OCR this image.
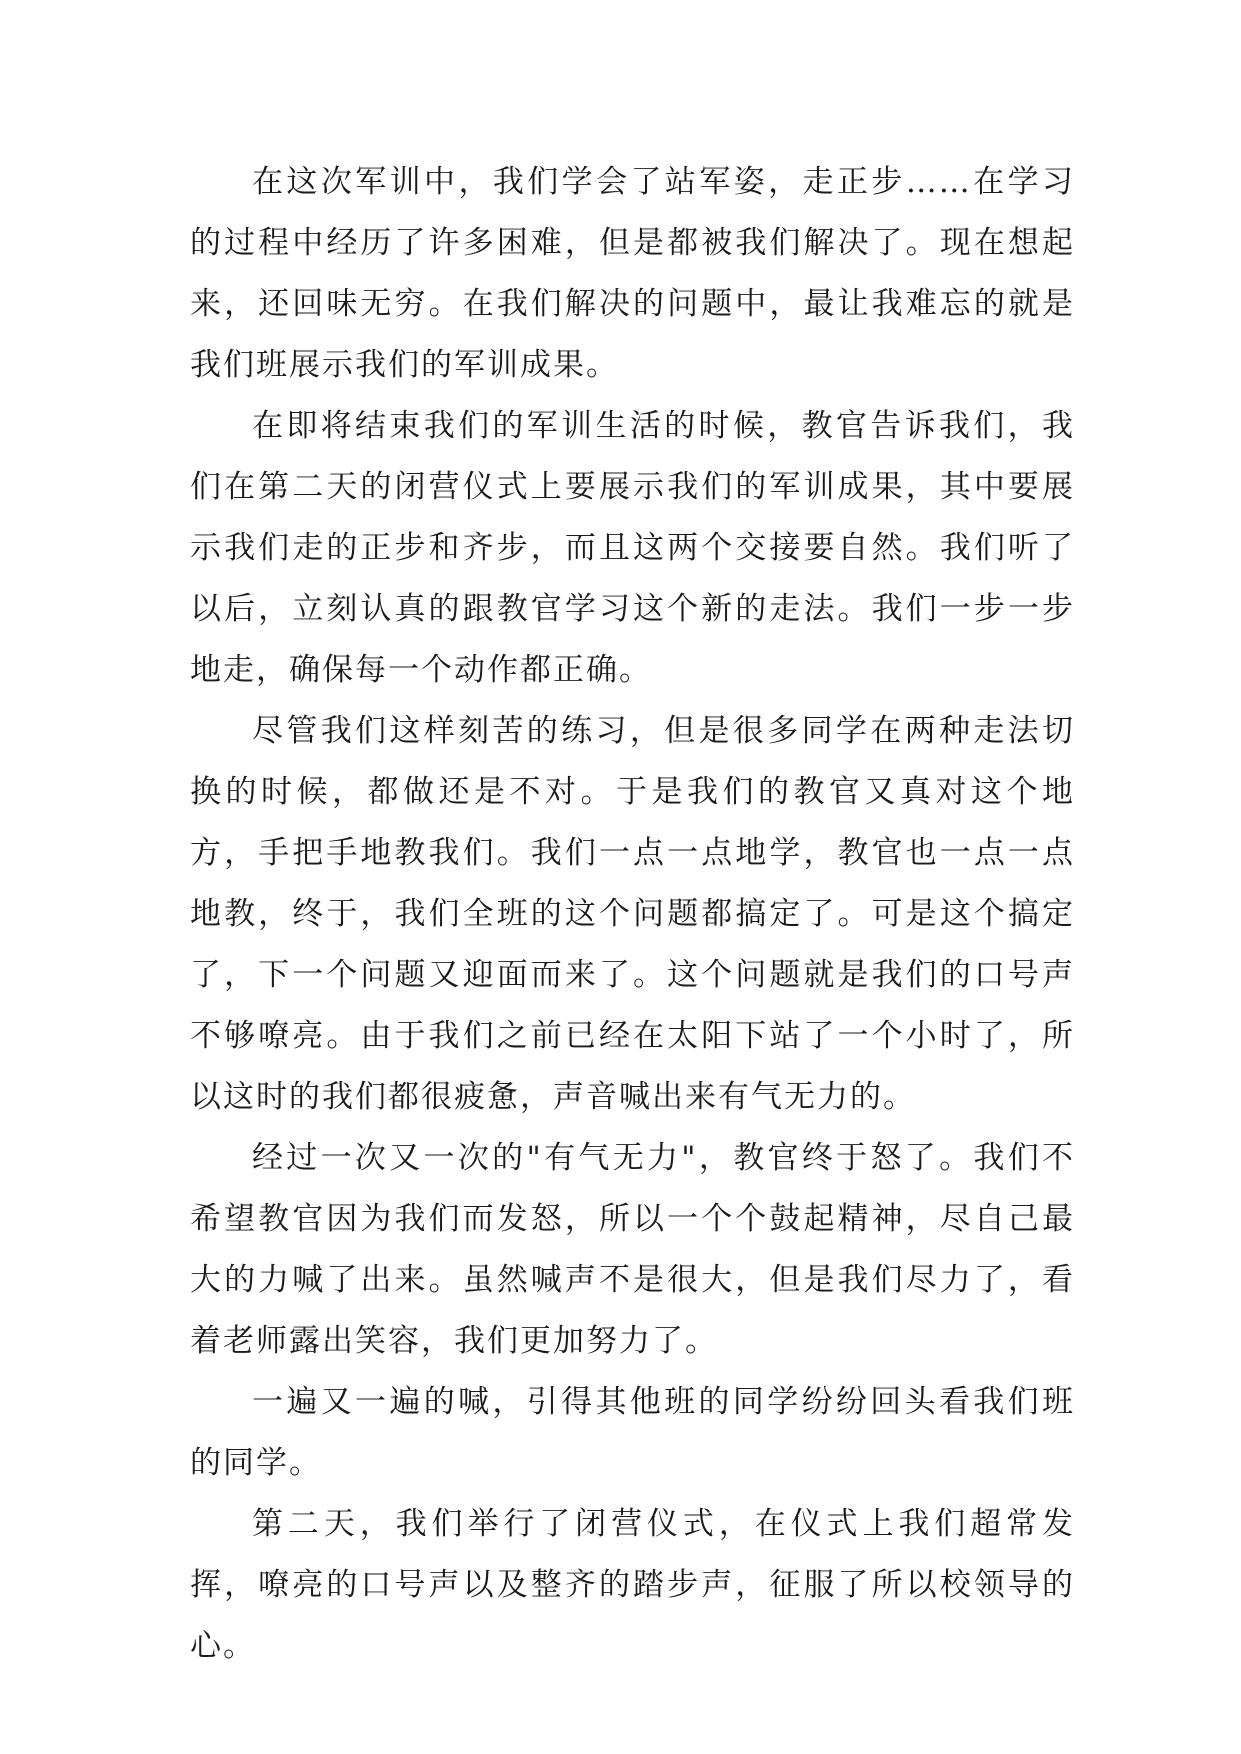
在这次军训中，我们学会了站军姿，走正步……在学习的过程中经历了许多困难，但是都被我们解决了。现在想起来，还回味无穷。在我们解决的问题中，最让我难忘的就是我们班展示我们的军训成果。

在即将结束我们的军训生活的时候，教官告诉我们，我们在第二天的闭营仪式上要展示我们的军训成果，其中要展示我们走的正步和齐步，而且这两个交接要自然。我们听了以后，立刻认真的跟教官学习这个新的走法。我们一步一步地走，确保每一个动作都正确。

尽管我们这样刻苦的练习，但是很多同学在两种走法切换的时候，都做还是不对。于是我们的教官又真对这个地方，手把手地教我们。我们一点一点地学，教官也一点一点地教，终于，我们全班的这个问题都搞定了。可是这个搞定了，下一个问题又迎面而来了。这个问题就是我们的口号声不够嘹亮。由于我们之前已经在太阳下站了一个小时了，所以这时的我们都很疲惫，声音喊出来有气无力的。

经过一次又一次的"有气无力"，教官终于怒了。我们不希望教官因为我们而发怒，所以一个个鼓起精神，尽自己最大的力喊了出来。虽然喊声不是很大，但是我们尽力了，看着老师露出笑容，我们更加努力了。

一遍又一遍的喊，引得其他班的同学纷纷回头看我们班的同学。

第二天，我们举行了闭营仪式，在仪式上我们超常发挥，嘹亮的口号声以及整齐的踏步声，征服了所以校领导的心。
